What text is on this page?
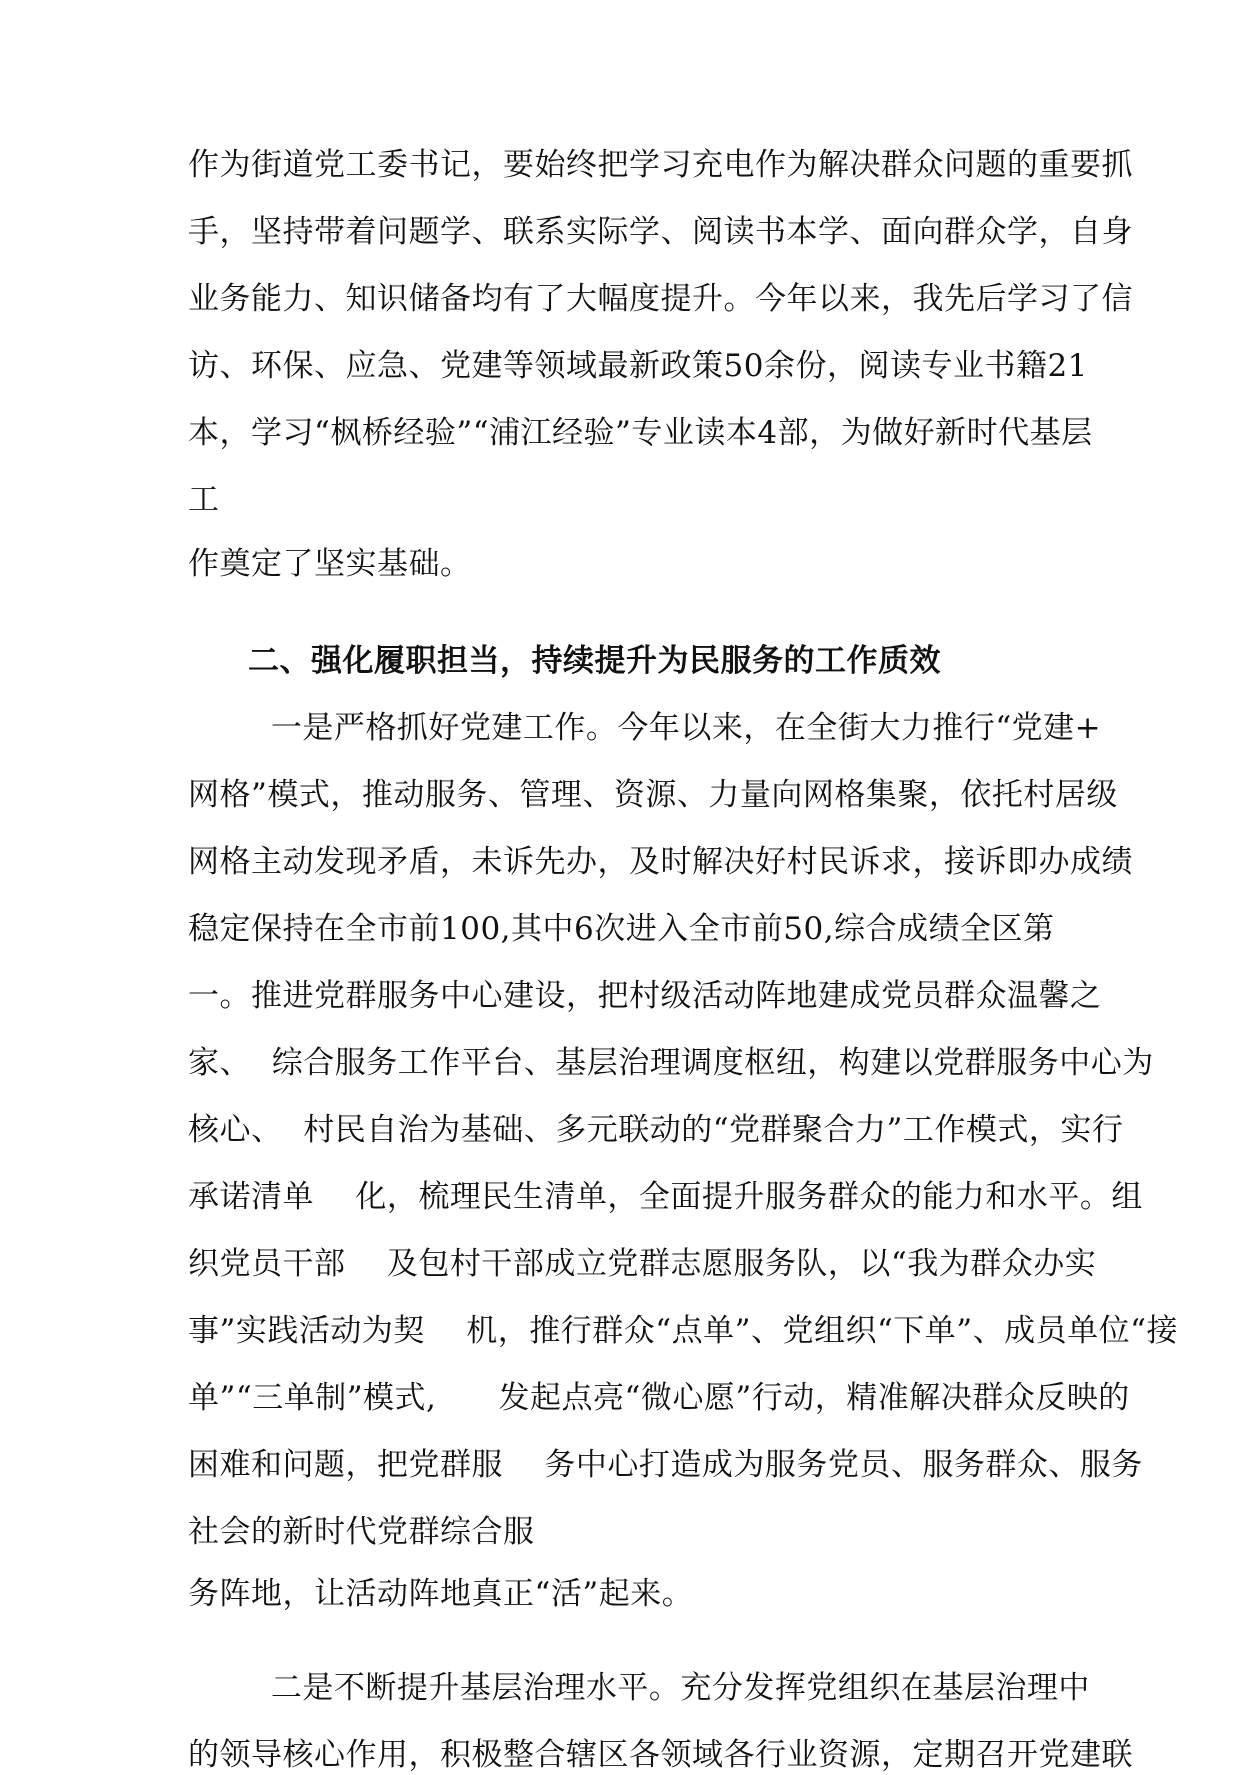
作为街道党工委书记，要始终把学习充电作为解决群众问题的重要抓
手，坚持带着问题学、联系实际学、阅读书本学、面向群众学，自身
业务能力、知识储备均有了大幅度提升。今年以来，我先后学习了信
访、环保、应急、党建等领域最新政策50余份，阅读专业书籍21
本，学习“枫桥经验”“浦江经验”专业读本4部，为做好新时代基层
工
作奠定了坚实基础。
二、强化履职担当，持续提升为民服务的工作质效
一是严格抓好党建工作。今年以来，在全街大力推行“党建+
网格”模式，推动服务、管理、资源、力量向网格集聚，依托村居级
网格主动发现矛盾，未诉先办，及时解决好村民诉求，接诉即办成绩
稳定保持在全市前100,其中6次进入全市前50,综合成绩全区第
一。推进党群服务中心建设，把村级活动阵地建成党员群众温馨之
家、  综合服务工作平台、基层治理调度枢纽，构建以党群服务中心为
核心、  村民自治为基础、多元联动的“党群聚合力”工作模式，实行
承诺清单    化，梳理民生清单，全面提升服务群众的能力和水平。组
织党员干部    及包村干部成立党群志愿服务队，以“我为群众办实
事”实践活动为契    机，推行群众“点单”、党组织“下单”、成员单位“接
单”“三单制”模式,      发起点亮“微心愿”行动，精准解决群众反映的
困难和问题，把党群服    务中心打造成为服务党员、服务群众、服务
社会的新时代党群综合服
务阵地，让活动阵地真正“活”起来。
二是不断提升基层治理水平。充分发挥党组织在基层治理中
的领导核心作用，积极整合辖区各领域各行业资源，定期召开党建联
